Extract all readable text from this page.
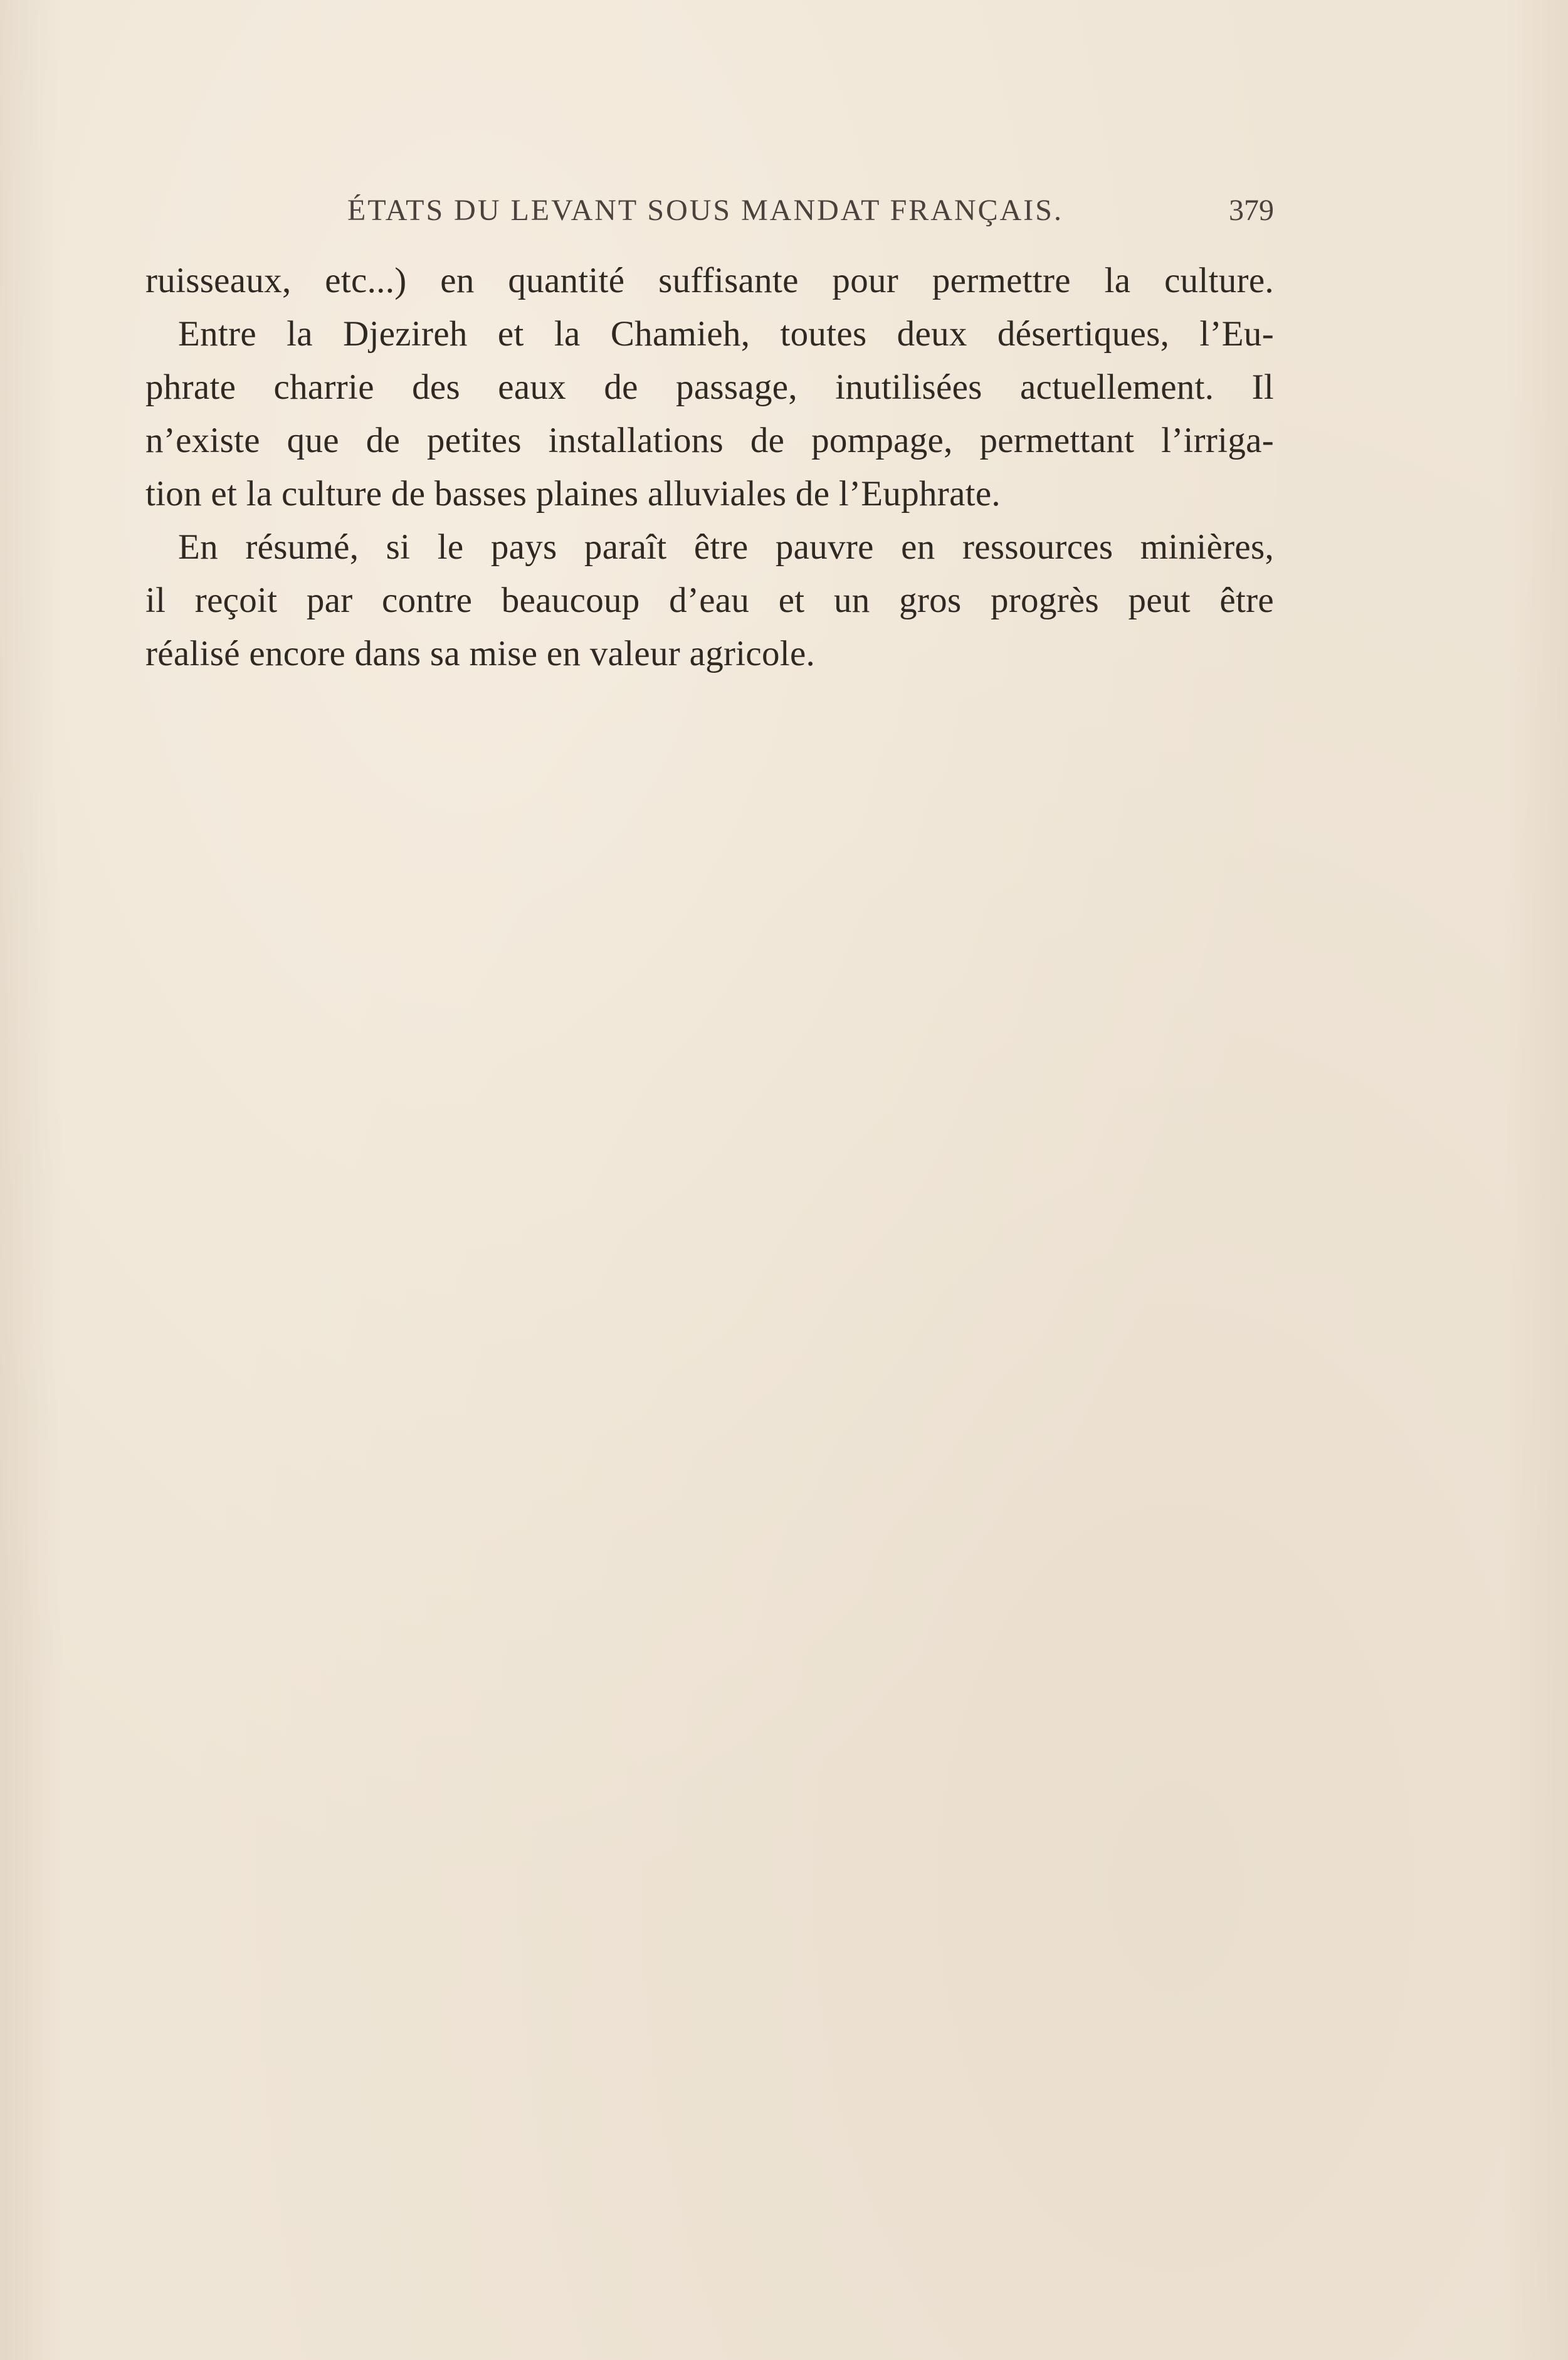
ÉTATS DU LEVANT SOUS MANDAT FRANÇAIS.	379
ruisseaux, etc...) en quantité suffisante pour permettre la culture.
Entre la Djezireh et la Chamieh, toutes deux désertiques, l’Eu-
phrate charrie des eaux de passage, inutilisées actuellement. Il
n’existe que de petites installations de pompage, permettant l’irriga-
tion et la culture de basses plaines alluviales de l’Euphrate.
En résumé, si le pays paraît être pauvre en ressources minières,
il reçoit par contre beaucoup d’eau et un gros progrès peut être
réalisé encore dans sa mise en valeur agricole.
